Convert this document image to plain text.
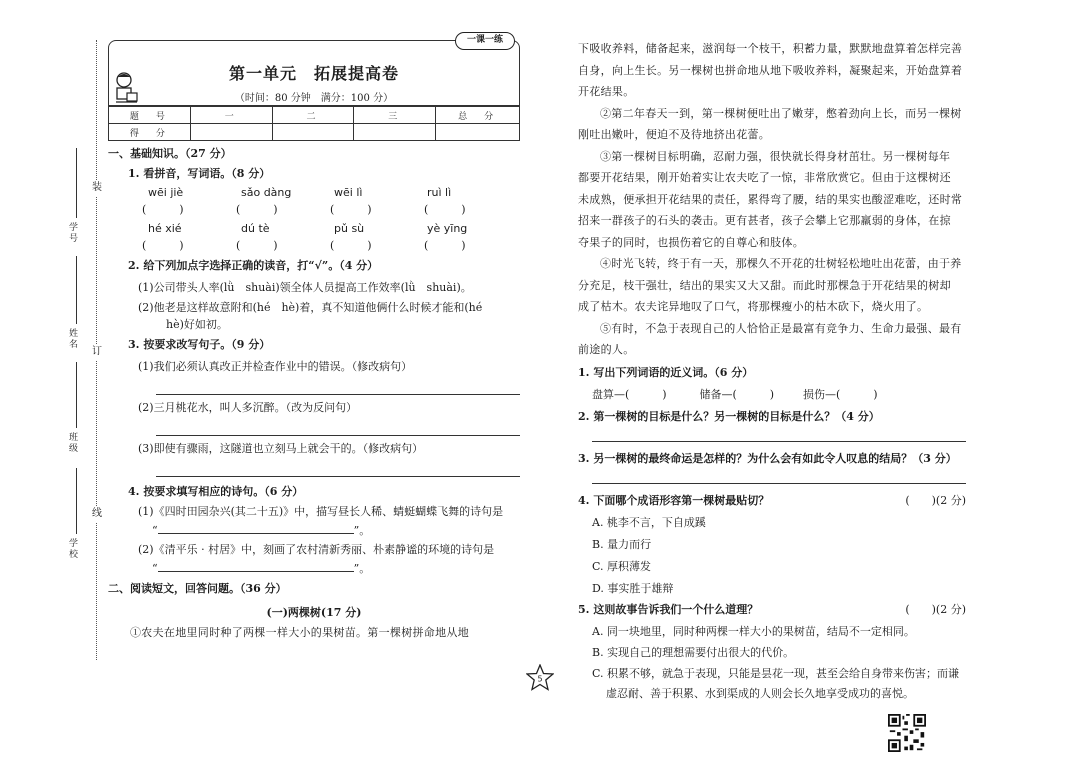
装
订
线
学号
姓名
班级
学校
一课一练
第一单元　拓展提高卷
（时间：80 分钟　满分：100 分）
题　号	一	二	三	总　分
得　分				
一、基础知识。（27 分）
1. 看拼音，写词语。（8 分）
wēi jiè	sǎo dàng	wēi lì	ruì lì
(　　　)	(　　　)	(　　　)	(　　　)
hé xié	dú tè	pǔ sù	yè yīng
(　　　)	(　　　)	(　　　)	(　　　)
2. 给下列加点字选择正确的读音，打“√”。（4 分）
(1)公司带头人率(lǜ　shuài)领全体人员提高工作效率(lǜ　shuài)。
(2)他老是这样故意附和(hé　hè)着，真不知道他俩什么时候才能和(hé
hè)好如初。
3. 按要求改写句子。（9 分）
(1)我们必须认真改正并检查作业中的错误。（修改病句）
(2)三月桃花水，叫人多沉醉。（改为反问句）
(3)即使有骤雨，这隧道也立刻马上就会干的。（修改病句）
4. 按要求填写相应的诗句。（6 分）
(1)《四时田园杂兴(其二十五)》中，描写昼长人稀、蜻蜓蝴蝶飞舞的诗句是
“	”。
(2)《清平乐 · 村居》中，刻画了农村清新秀丽、朴素静谧的环境的诗句是
“	”。
二、阅读短文，回答问题。（36 分）
(一)两棵树(17 分)
①农夫在地里同时种了两棵一样大小的果树苗。第一棵树拼命地从地
下吸收养料，储备起来，滋润每一个枝干，积蓄力量，默默地盘算着怎样完善
自身，向上生长。另一棵树也拼命地从地下吸收养料，凝聚起来，开始盘算着
开花结果。
②第二年春天一到，第一棵树便吐出了嫩芽，憋着劲向上长，而另一棵树
刚吐出嫩叶，便迫不及待地挤出花蕾。
③第一棵树目标明确，忍耐力强，很快就长得身材茁壮。另一棵树每年
都要开花结果，刚开始着实让农夫吃了一惊，非常欣赏它。但由于这棵树还
未成熟，便承担开花结果的责任，累得弯了腰，结的果实也酸涩难吃，还时常
招来一群孩子的石头的袭击。更有甚者，孩子会攀上它那羸弱的身体，在掠
夺果子的同时，也损伤着它的自尊心和肢体。
④时光飞转，终于有一天，那棵久不开花的壮树轻松地吐出花蕾，由于养
分充足，枝干强壮，结出的果实又大又甜。而此时那棵急于开花结果的树却
成了枯木。农夫诧异地叹了口气，将那棵瘦小的枯木砍下，烧火用了。
⑤有时，不急于表现自己的人恰恰正是最富有竞争力、生命力最强、最有
前途的人。
1. 写出下列词语的近义词。（6 分）
盘算—(　　　)	储备—(　　　)	损伤—(　　　)
2. 第一棵树的目标是什么？另一棵树的目标是什么？（4 分）
3. 另一棵树的最终命运是怎样的？为什么会有如此令人叹息的结局？（3 分）
4. 下面哪个成语形容第一棵树最贴切？	(　　)(2 分)
A. 桃李不言，下自成蹊
B. 量力而行
C. 厚积薄发
D. 事实胜于雄辩
5. 这则故事告诉我们一个什么道理？	(　　)(2 分)
A. 同一块地里，同时种两棵一样大小的果树苗，结局不一定相同。
B. 实现自己的理想需要付出很大的代价。
C. 积累不够，就急于表现，只能是昙花一现，甚至会给自身带来伤害；而谦
虚忍耐、善于积累、水到渠成的人则会长久地享受成功的喜悦。
5
